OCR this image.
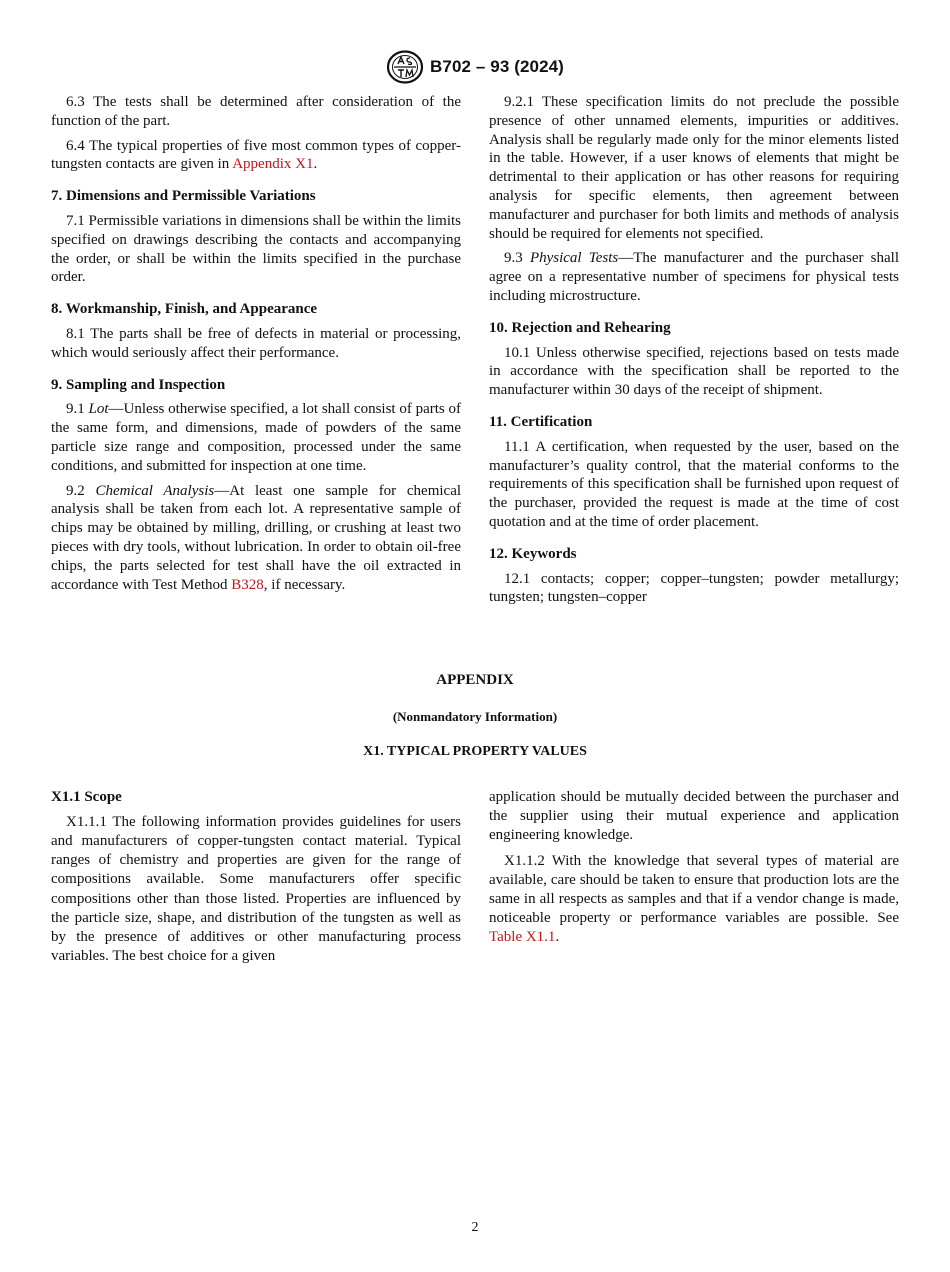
B702 – 93 (2024)

6.3 The tests shall be determined after consideration of the function of the part.

6.4 The typical properties of five most common types of copper-tungsten contacts are given in Appendix X1.

7. Dimensions and Permissible Variations

7.1 Permissible variations in dimensions shall be within the limits specified on drawings describing the contacts and accompanying the order, or shall be within the limits specified in the purchase order.

8. Workmanship, Finish, and Appearance

8.1 The parts shall be free of defects in material or processing, which would seriously affect their performance.

9. Sampling and Inspection

9.1 Lot—Unless otherwise specified, a lot shall consist of parts of the same form, and dimensions, made of powders of the same particle size range and composition, processed under the same conditions, and submitted for inspection at one time.

9.2 Chemical Analysis—At least one sample for chemical analysis shall be taken from each lot. A representative sample of chips may be obtained by milling, drilling, or crushing at least two pieces with dry tools, without lubrication. In order to obtain oil-free chips, the parts selected for test shall have the oil extracted in accordance with Test Method B328, if necessary.

9.2.1 These specification limits do not preclude the possible presence of other unnamed elements, impurities or additives. Analysis shall be regularly made only for the minor elements listed in the table. However, if a user knows of elements that might be detrimental to their application or has other reasons for requiring analysis for specific elements, then agreement between manufacturer and purchaser for both limits and methods of analysis should be required for elements not specified.

9.3 Physical Tests—The manufacturer and the purchaser shall agree on a representative number of specimens for physical tests including microstructure.

10. Rejection and Rehearing

10.1 Unless otherwise specified, rejections based on tests made in accordance with the specification shall be reported to the manufacturer within 30 days of the receipt of shipment.

11. Certification

11.1 A certification, when requested by the user, based on the manufacturer’s quality control, that the material conforms to the requirements of this specification shall be furnished upon request of the purchaser, provided the request is made at the time of cost quotation and at the time of order placement.

12. Keywords

12.1 contacts; copper; copper–tungsten; powder metallurgy; tungsten; tungsten–copper

APPENDIX
(Nonmandatory Information)
X1. TYPICAL PROPERTY VALUES
X1.1 Scope

X1.1.1 The following information provides guidelines for users and manufacturers of copper-tungsten contact material. Typical ranges of chemistry and properties are given for the range of compositions available. Some manufacturers offer specific compositions other than those listed. Properties are influenced by the particle size, shape, and distribution of the tungsten as well as by the presence of additives or other manufacturing process variables. The best choice for a given

application should be mutually decided between the purchaser and the supplier using their mutual experience and application engineering knowledge.

X1.1.2 With the knowledge that several types of material are available, care should be taken to ensure that production lots are the same in all respects as samples and that if a vendor change is made, noticeable property or performance variables are possible. See Table X1.1.

2
